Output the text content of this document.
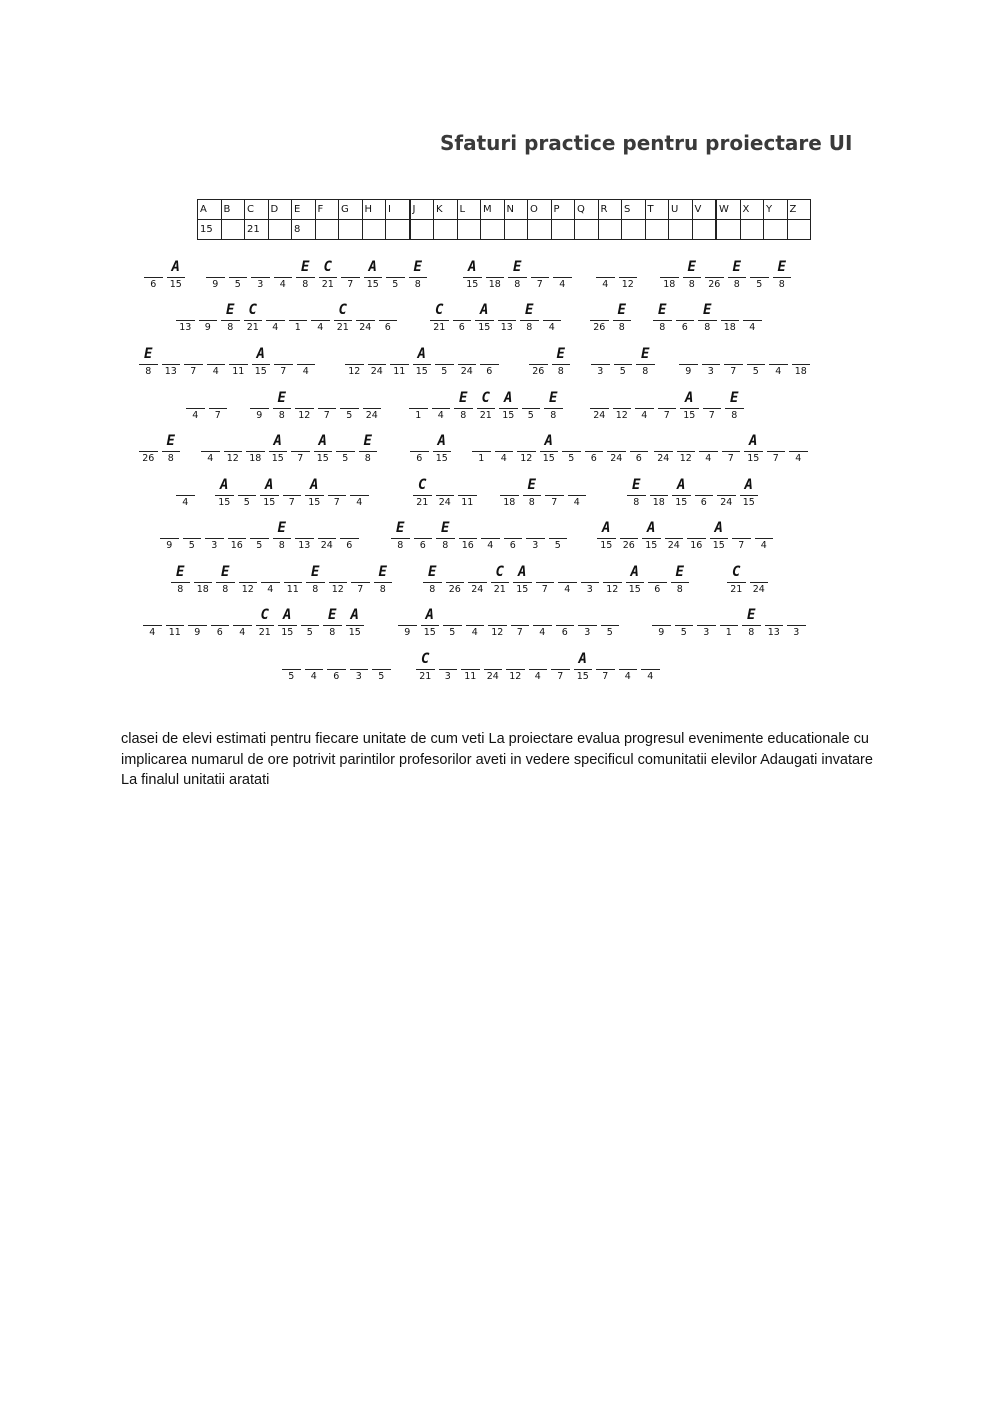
Sfaturi practice pentru proiectare UI
A	B	C	D	E	F	G	H	I	J	K	L	M	N	O	P	Q	R	S	T	U	V	W	X	Y	Z
15		21		8																					
6
A
15	9	5	3	4
E
8
C
21	7
A
15	5
E
8
A
15	18
E
8	7	4	4	12	18
E
8	26
E
8	5
E
8
13	9
E
8
C
21	4	1	4
C
21	24	6
C
21	6
A
15	13
E
8	4	26
E
8
E
8	6
E
8	18	4
E
8	13	7	4	11
A
15	7	4	12	24	11
A
15	5	24	6	26
E
8	3	5
E
8	9	3	7	5	4	18
4	7	9
E
8	12	7	5	24	1	4
E
8
C
21
A
15	5
E
8	24	12	4	7
A
15	7
E
8
26
E
8	4	12	18
A
15	7
A
15	5
E
8	6
A
15	1	4	12
A
15	5	6	24	6	24	12	4	7
A
15	7	4
4
A
15	5
A
15	7
A
15	7	4
C
21	24	11	18
E
8	7	4
E
8	18
A
15	6	24
A
15
9	5	3	16	5
E
8	13	24	6
E
8	6
E
8	16	4	6	3	5
A
15	26
A
15	24	16
A
15	7	4
E
8	18
E
8	12	4	11
E
8	12	7
E
8
E
8	26	24
C
21
A
15	7	4	3	12
A
15	6
E
8
C
21	24
4	11	9	6	4
C
21
A
15	5
E
8
A
15	9
A
15	5	4	12	7	4	6	3	5	9	5	3	1
E
8	13	3
5	4	6	3	5
C
21	3	11	24	12	4	7
A
15	7	4	4
clasei de elevi estimati pentru fiecare unitate de cum veti La proiectare evalua progresul evenimente educationale cu implicarea numarul de ore potrivit parintilor profesorilor aveti in vedere specificul comunitatii elevilor Adaugati invatare La finalul unitatii aratati
